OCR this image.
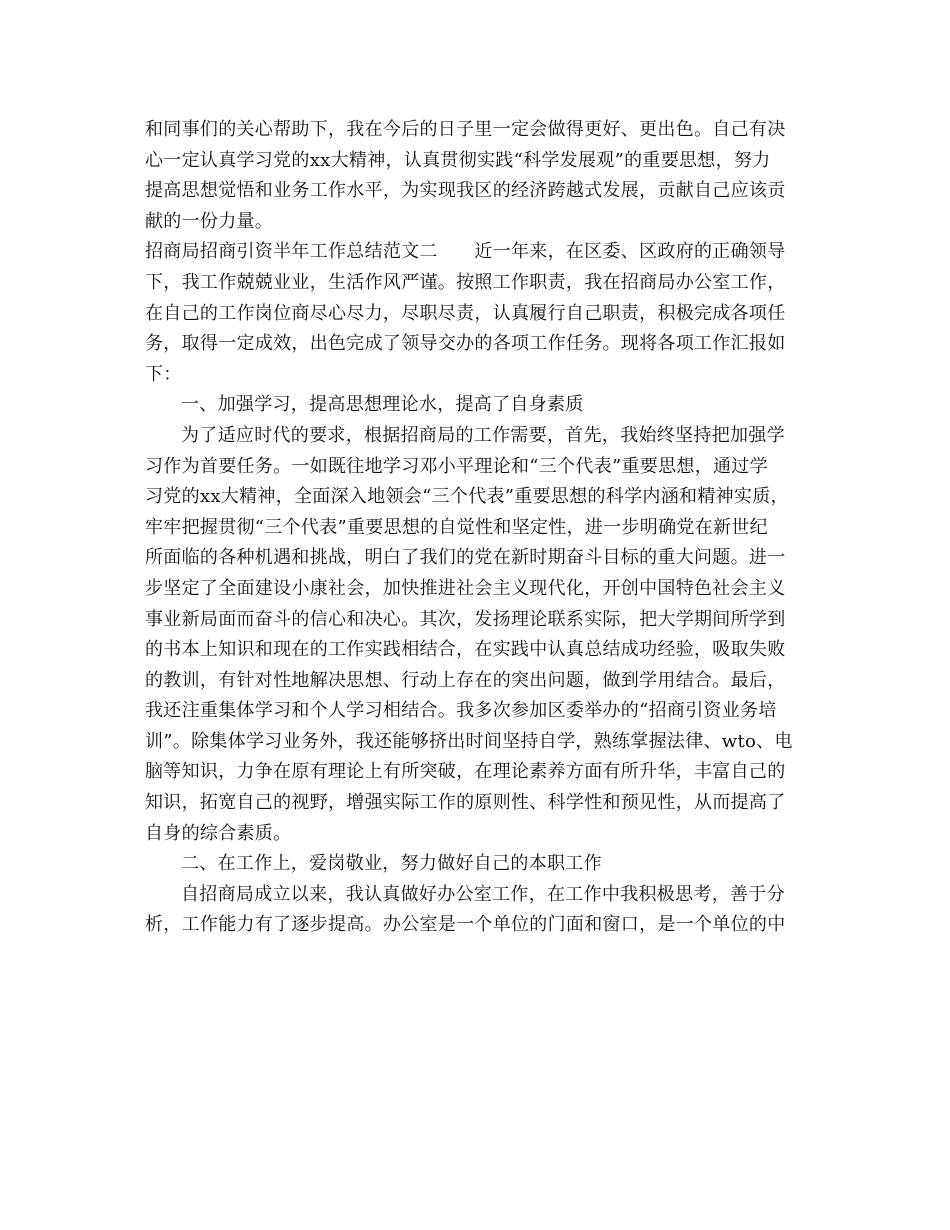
和同事们的关心帮助下，我在今后的日子里一定会做得更好、更出色。自己有决
心一定认真学习党的xx大精神，认真贯彻实践“科学发展观”的重要思想，努力
提高思想觉悟和业务工作水平，为实现我区的经济跨越式发展，贡献自己应该贡
献的一份力量。
招商局招商引资半年工作总结范文二　　近一年来，在区委、区政府的正确领导
下，我工作兢兢业业，生活作风严谨。按照工作职责，我在招商局办公室工作，
在自己的工作岗位商尽心尽力，尽职尽责，认真履行自己职责，积极完成各项任
务，取得一定成效，出色完成了领导交办的各项工作任务。现将各项工作汇报如
下：
一、加强学习，提高思想理论水，提高了自身素质
为了适应时代的要求，根据招商局的工作需要，首先，我始终坚持把加强学
习作为首要任务。一如既往地学习邓小平理论和“三个代表”重要思想，通过学
习党的xx大精神，全面深入地领会“三个代表”重要思想的科学内涵和精神实质，
牢牢把握贯彻“三个代表”重要思想的自觉性和坚定性，进一步明确党在新世纪
所面临的各种机遇和挑战，明白了我们的党在新时期奋斗目标的重大问题。进一
步坚定了全面建设小康社会，加快推进社会主义现代化，开创中国特色社会主义
事业新局面而奋斗的信心和决心。其次，发扬理论联系实际，把大学期间所学到
的书本上知识和现在的工作实践相结合，在实践中认真总结成功经验，吸取失败
的教训，有针对性地解决思想、行动上存在的突出问题，做到学用结合。最后，
我还注重集体学习和个人学习相结合。我多次参加区委举办的“招商引资业务培
训”。除集体学习业务外，我还能够挤出时间坚持自学，熟练掌握法律、wto、电
脑等知识，力争在原有理论上有所突破，在理论素养方面有所升华，丰富自己的
知识，拓宽自己的视野，增强实际工作的原则性、科学性和预见性，从而提高了
自身的综合素质。
二、在工作上，爱岗敬业，努力做好自己的本职工作
自招商局成立以来，我认真做好办公室工作，在工作中我积极思考，善于分
析，工作能力有了逐步提高。办公室是一个单位的门面和窗口，是一个单位的中
